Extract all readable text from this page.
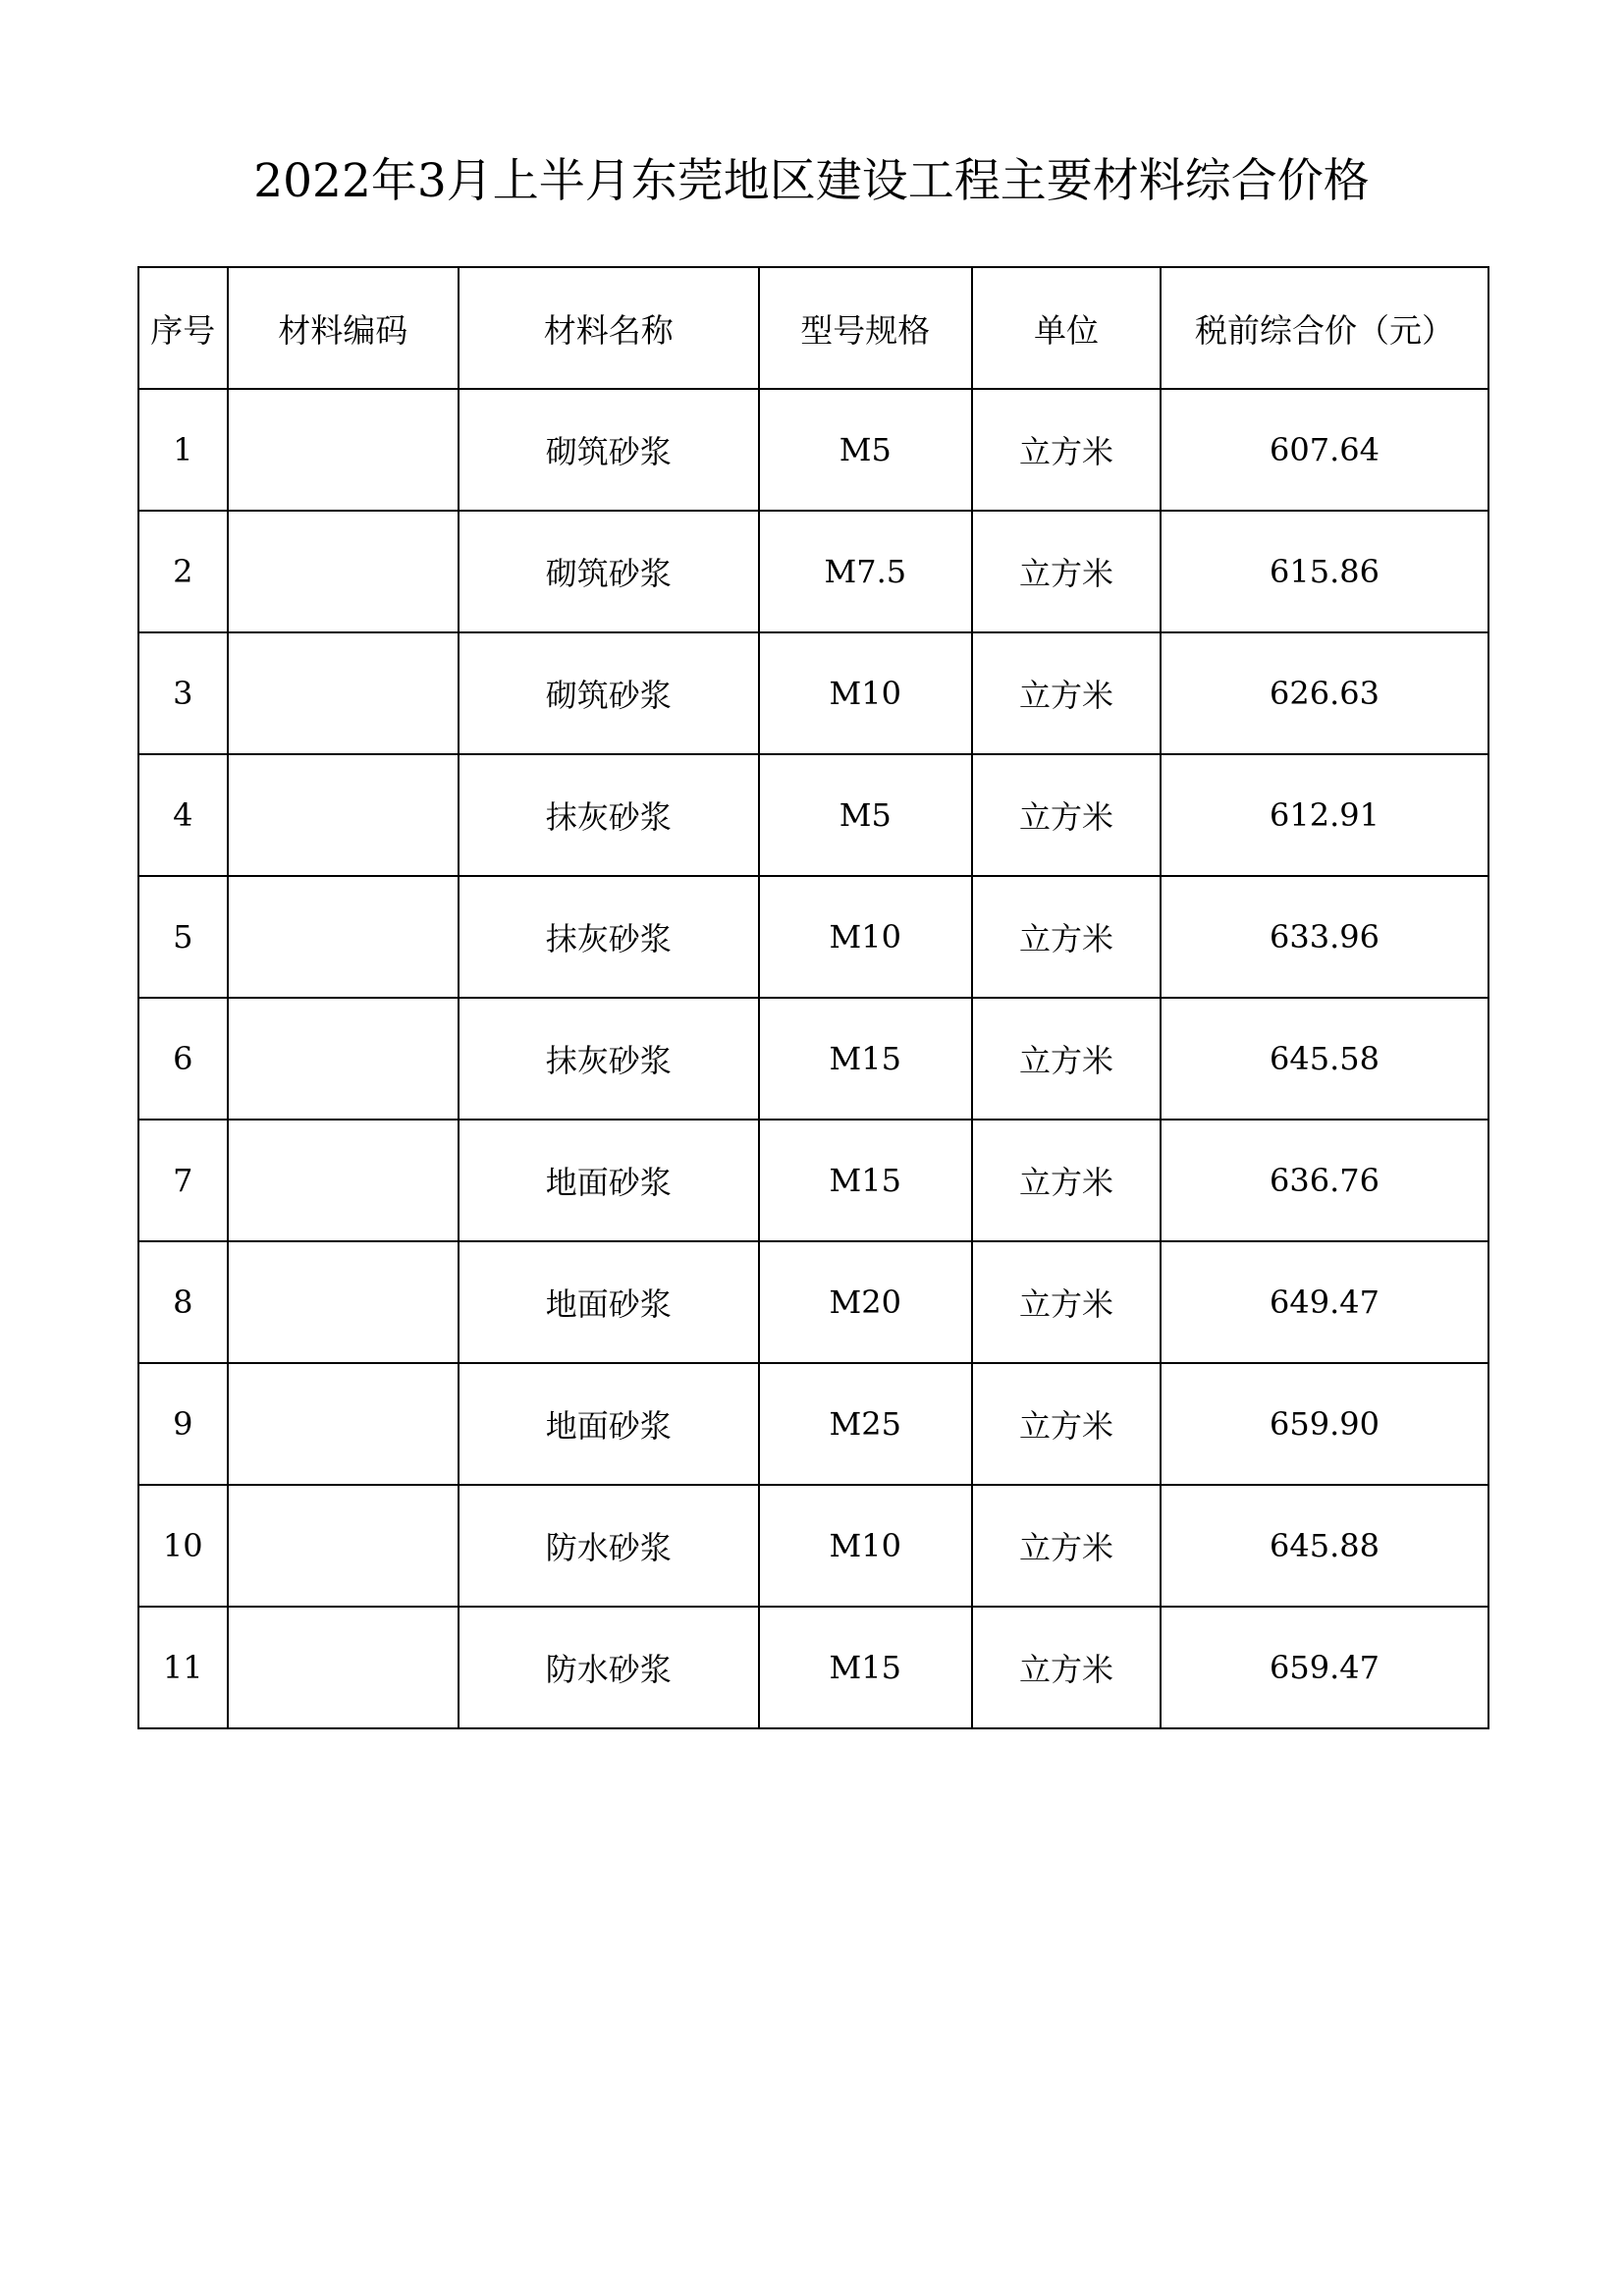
2022年3月上半月东莞地区建设工程主要材料综合价格
序号	材料编码	材料名称	型号规格	单位	税前综合价（元）
1		砌筑砂浆	M5	立方米	607.64
2		砌筑砂浆	M7.5	立方米	615.86
3		砌筑砂浆	M10	立方米	626.63
4		抹灰砂浆	M5	立方米	612.91
5		抹灰砂浆	M10	立方米	633.96
6		抹灰砂浆	M15	立方米	645.58
7		地面砂浆	M15	立方米	636.76
8		地面砂浆	M20	立方米	649.47
9		地面砂浆	M25	立方米	659.90
10		防水砂浆	M10	立方米	645.88
11		防水砂浆	M15	立方米	659.47
